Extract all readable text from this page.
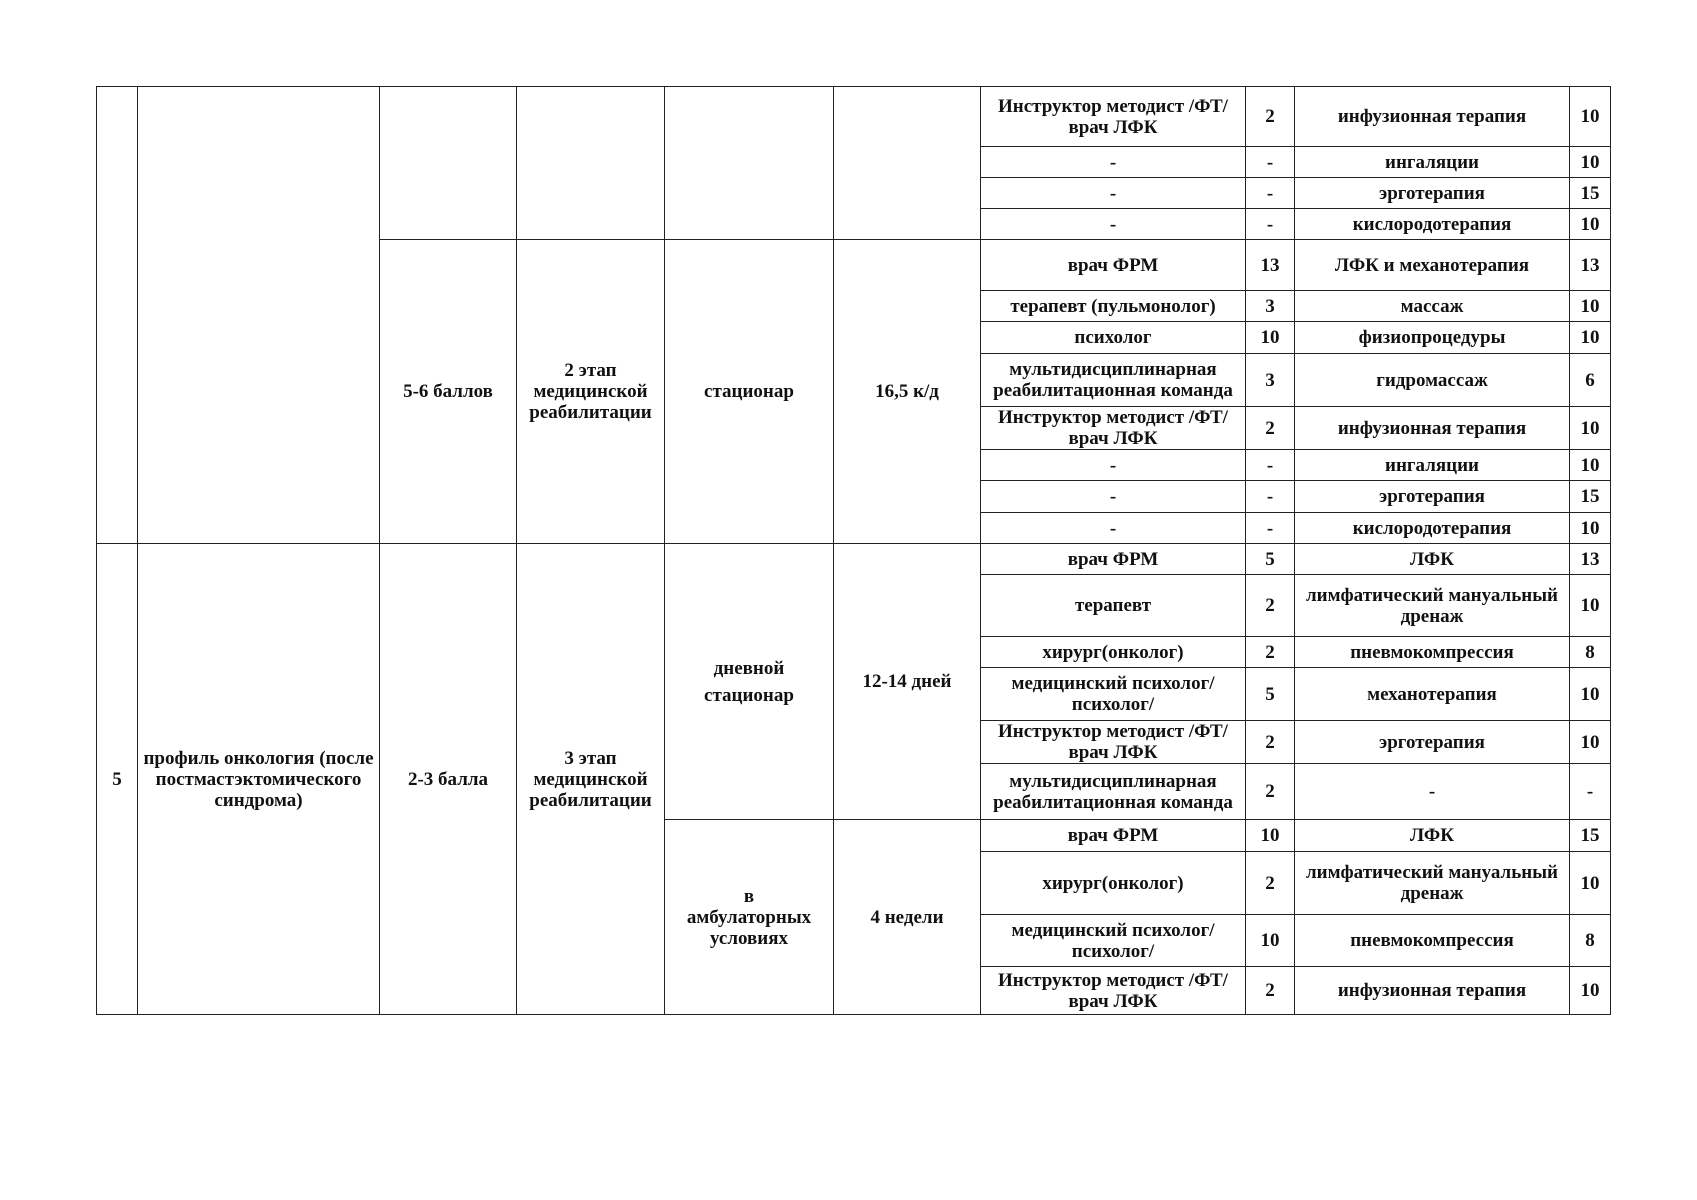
						Инструктор методист /ФТ/врач ЛФК	2	инфузионная терапия	10
						-	-	ингаляции	10
						-	-	эрготерапия	15
						-	-	кислородотерапия	10
		5-6 баллов	2 этап медицинской реабилитации	стационар	16,5 к/д	врач ФРМ	13	ЛФК и механотерапия	13
						терапевт (пульмонолог)	3	массаж	10
						психолог	10	физиопроцедуры	10
						мультидисциплинарная реабилитационная команда	3	гидромассаж	6
						Инструктор методист /ФТ/врач ЛФК	2	инфузионная терапия	10
						-	-	ингаляции	10
						-	-	эрготерапия	15
						-	-	кислородотерапия	10
5	профиль онкология (после постмастэктомического синдрома)	2-3 балла	3 этап медицинской реабилитации	дневной стационар	12-14 дней	врач ФРМ	5	ЛФК	13
						терапевт	2	лимфатический мануальный дренаж	10
						хирург(онколог)	2	пневмокомпрессия	8
						медицинский психолог/психолог/	5	механотерапия	10
						Инструктор методист /ФТ/врач ЛФК	2	эрготерапия	10
						мультидисциплинарная реабилитационная команда	2	-	-
				в амбулаторных условиях	4 недели	врач ФРМ	10	ЛФК	15
						хирург(онколог)	2	лимфатический мануальный дренаж	10
						медицинский психолог/психолог/	10	пневмокомпрессия	8
						Инструктор методист /ФТ/врач ЛФК	2	инфузионная терапия	10
